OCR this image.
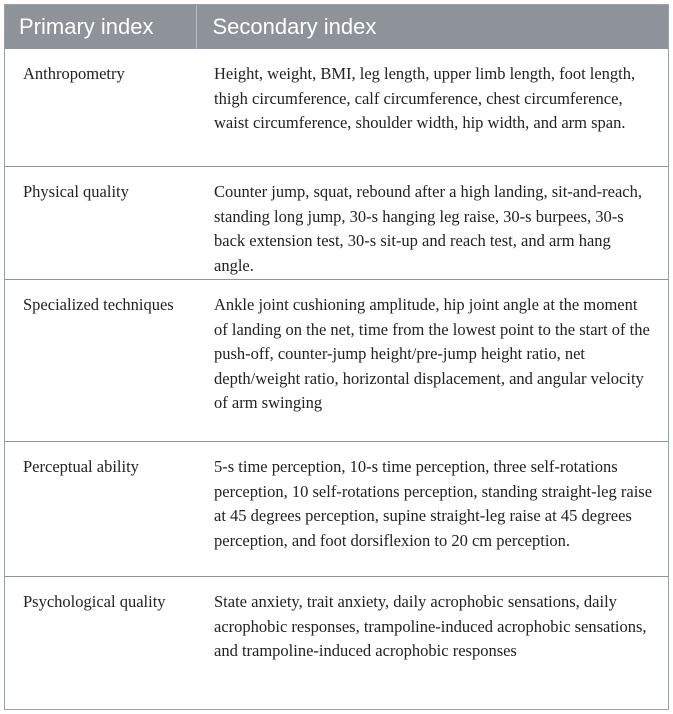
Primary index	Secondary index
Anthropometry	Height, weight, BMI, leg length, upper limb length, foot length, thigh circumference, calf circumference, chest circumference, waist circumference, shoulder width, hip width, and arm span.
Physical quality	Counter jump, squat, rebound after a high landing, sit-and-reach, standing long jump, 30-s hanging leg raise, 30-s burpees, 30-s back extension test, 30-s sit-up and reach test, and arm hang angle.
Specialized techniques	Ankle joint cushioning amplitude, hip joint angle at the moment of landing on the net, time from the lowest point to the start of the push-off, counter-jump height/pre-jump height ratio, net depth/weight ratio, horizontal displacement, and angular velocity of arm swinging
Perceptual ability	5-s time perception, 10-s time perception, three self-rotations perception, 10 self-rotations perception, standing straight-leg raise at 45 degrees perception, supine straight-leg raise at 45 degrees perception, and foot dorsiflexion to 20 cm perception.
Psychological quality	State anxiety, trait anxiety, daily acrophobic sensations, daily acrophobic responses, trampoline-induced acrophobic sensations, and trampoline-induced acrophobic responses
